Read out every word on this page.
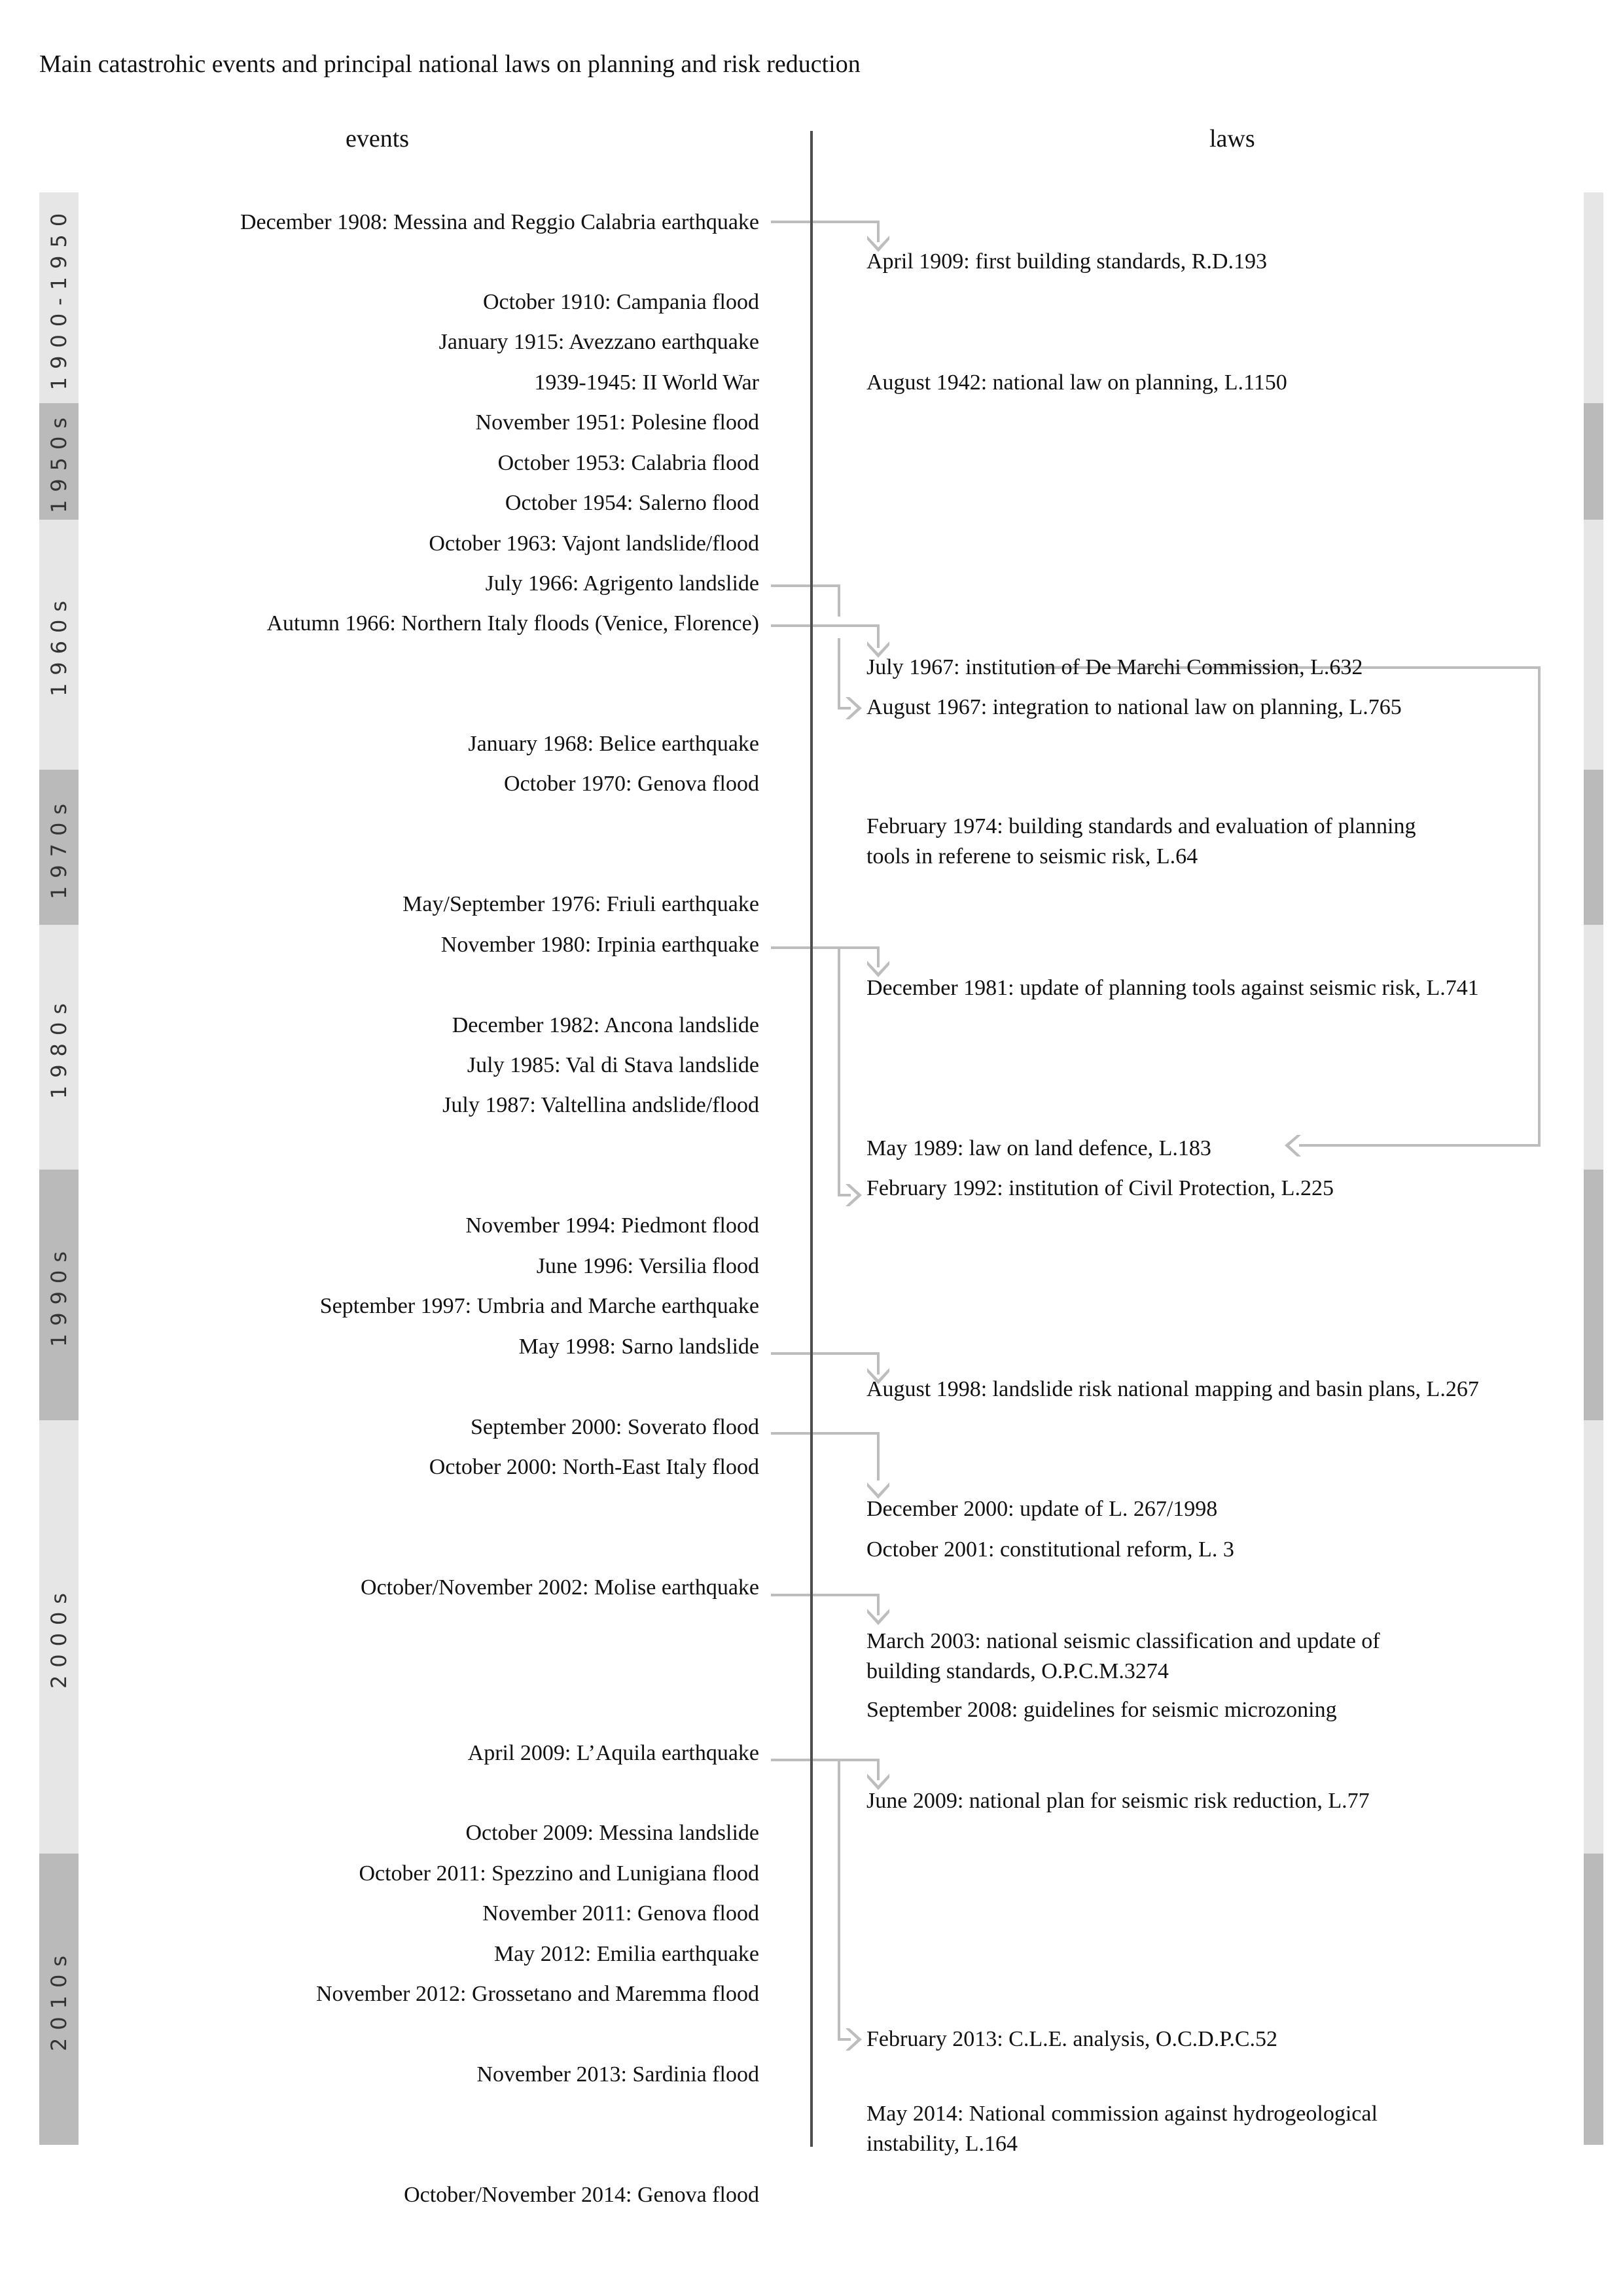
Main catastrohic events and principal national laws on planning and risk reduction
events	laws
1900-1950
1950s
1960s
1970s
1980s
1990s
2000s
2010s
December 1908: Messina and Reggio Calabria earthquake
October 1910: Campania flood
January 1915: Avezzano earthquake
1939-1945: II World War
November 1951: Polesine flood
October 1953: Calabria flood
October 1954: Salerno flood
October 1963: Vajont landslide/flood
July 1966: Agrigento landslide
Autumn 1966: Northern Italy floods (Venice, Florence)
January 1968: Belice earthquake
October 1970: Genova flood
May/September 1976: Friuli earthquake
November 1980: Irpinia earthquake
December 1982: Ancona landslide
July 1985: Val di Stava landslide
July 1987: Valtellina andslide/flood
November 1994: Piedmont flood
June 1996: Versilia flood
September 1997: Umbria and Marche earthquake
May 1998: Sarno landslide
September 2000: Soverato flood
October 2000: North-East Italy flood
October/November 2002: Molise earthquake
April 2009: L’Aquila earthquake
October 2009: Messina landslide
October 2011: Spezzino and Lunigiana flood
November 2011: Genova flood
May 2012: Emilia earthquake
November 2012: Grossetano and Maremma flood
November 2013: Sardinia flood
October/November 2014: Genova flood
April 1909: first building standards, R.D.193
August 1942: national law on planning, L.1150
July 1967: institution of De Marchi Commission, L.632
August 1967: integration to national law on planning, L.765
February 1974: building standards and evaluation of planning
tools in referene to seismic risk, L.64
December 1981: update of planning tools against seismic risk, L.741
May 1989: law on land defence, L.183
February 1992: institution of Civil Protection, L.225
August 1998: landslide risk national mapping and basin plans, L.267
December 2000: update of L. 267/1998
October 2001: constitutional reform, L. 3
March 2003: national seismic classification and update of
building standards, O.P.C.M.3274
September 2008: guidelines for seismic microzoning
June 2009: national plan for seismic risk reduction, L.77
February 2013: C.L.E. analysis, O.C.D.P.C.52
May 2014: National commission against hydrogeological
instability, L.164
